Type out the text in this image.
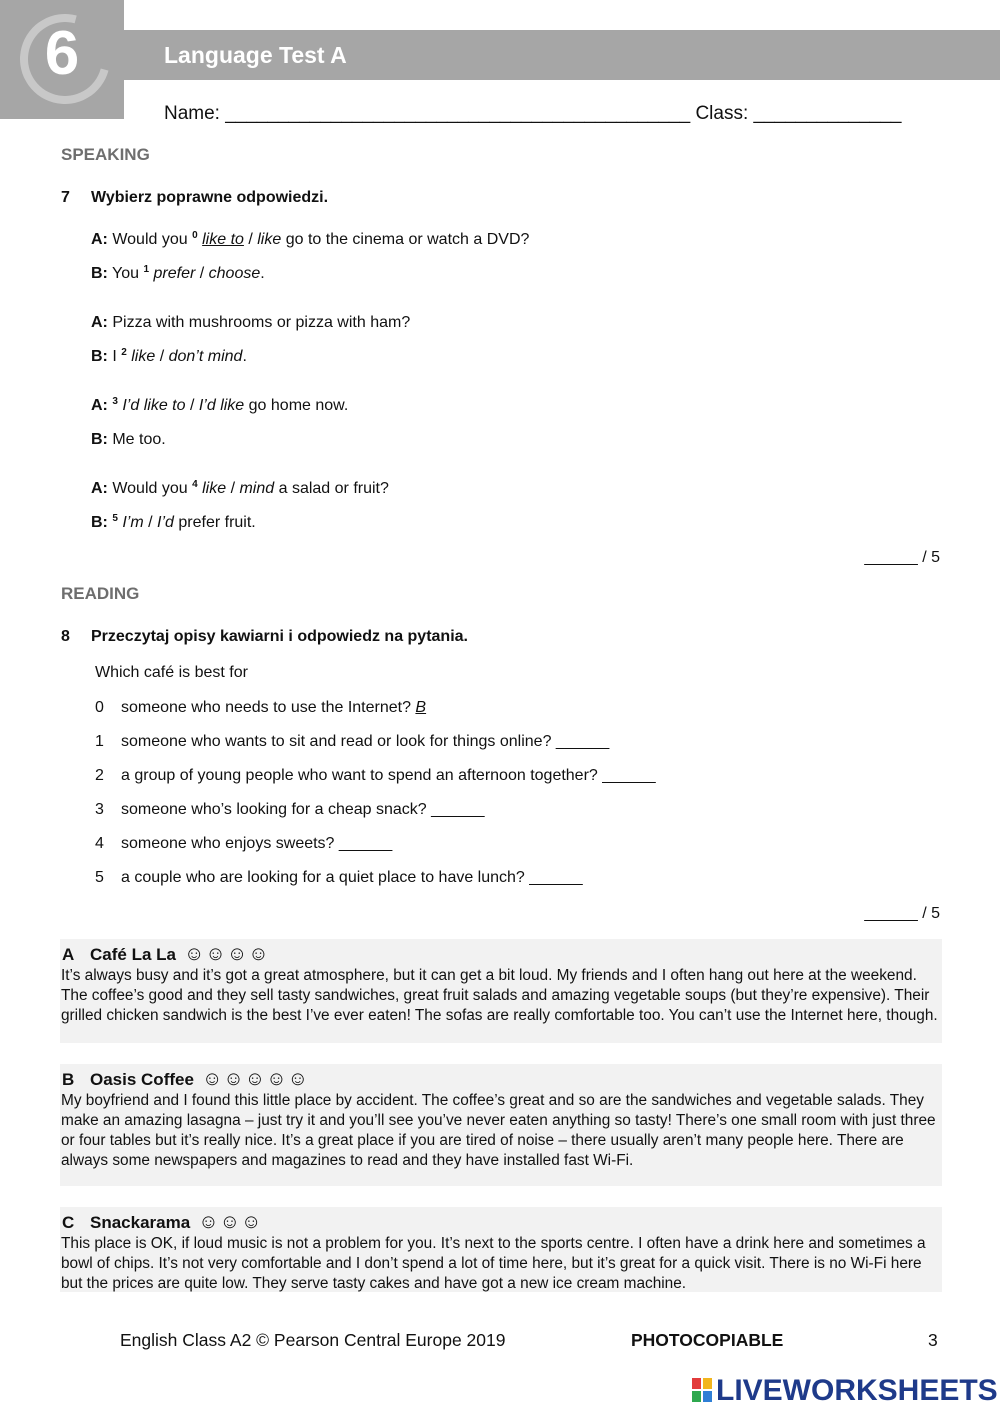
6	Language Test A
Name: ____________________________________________ Class: ______________
SPEAKING
7 Wybierz poprawne odpowiedzi.
A: Would you $^0$ like to / like go to the cinema or watch a DVD?
B: You $^1$ prefer / choose.
A: Pizza with mushrooms or pizza with ham?
B: I $^2$ like / don’t mind.
A: $^3$ I’d like to / I’d like go home now.
B: Me too.
A: Would you $^4$ like / mind a salad or fruit?
B: $^5$ I’m / I’d prefer fruit.
______ / 5
READING
8 Przeczytaj opisy kawiarni i odpowiedz na pytania.
Which café is best for
0 someone who needs to use the Internet? B
1 someone who wants to sit and read or look for things online? ______
2 a group of young people who want to spend an afternoon together? ______
3 someone who’s looking for a cheap snack? ______
4 someone who enjoys sweets? ______
5 a couple who are looking for a quiet place to have lunch? ______
______ / 5
A Café La La ☺☺☺☺
It’s always busy and it’s got a great atmosphere, but it can get a bit loud. My friends and I often hang out here at the weekend. The coffee’s good and they sell tasty sandwiches, great fruit salads and amazing vegetable soups (but they’re expensive). Their grilled chicken sandwich is the best I’ve ever eaten! The sofas are really comfortable too. You can’t use the Internet here, though.
B Oasis Coffee ☺☺☺☺☺
My boyfriend and I found this little place by accident. The coffee’s great and so are the sandwiches and vegetable salads. They make an amazing lasagna – just try it and you’ll see you’ve never eaten anything so tasty! There’s one small room with just three or four tables but it’s really nice. It’s a great place if you are tired of noise – there usually aren’t many people here. There are always some newspapers and magazines to read and they have installed fast Wi-Fi.
C Snackarama ☺☺☺
This place is OK, if loud music is not a problem for you. It’s next to the sports centre. I often have a drink here and sometimes a bowl of chips. It’s not very comfortable and I don’t spend a lot of time here, but it’s great for a quick visit. There is no Wi-Fi here but the prices are quite low. They serve tasty cakes and have got a new ice cream machine.
English Class A2 © Pearson Central Europe 2019	PHOTOCOPIABLE	3
LIVEWORKSHEETS
